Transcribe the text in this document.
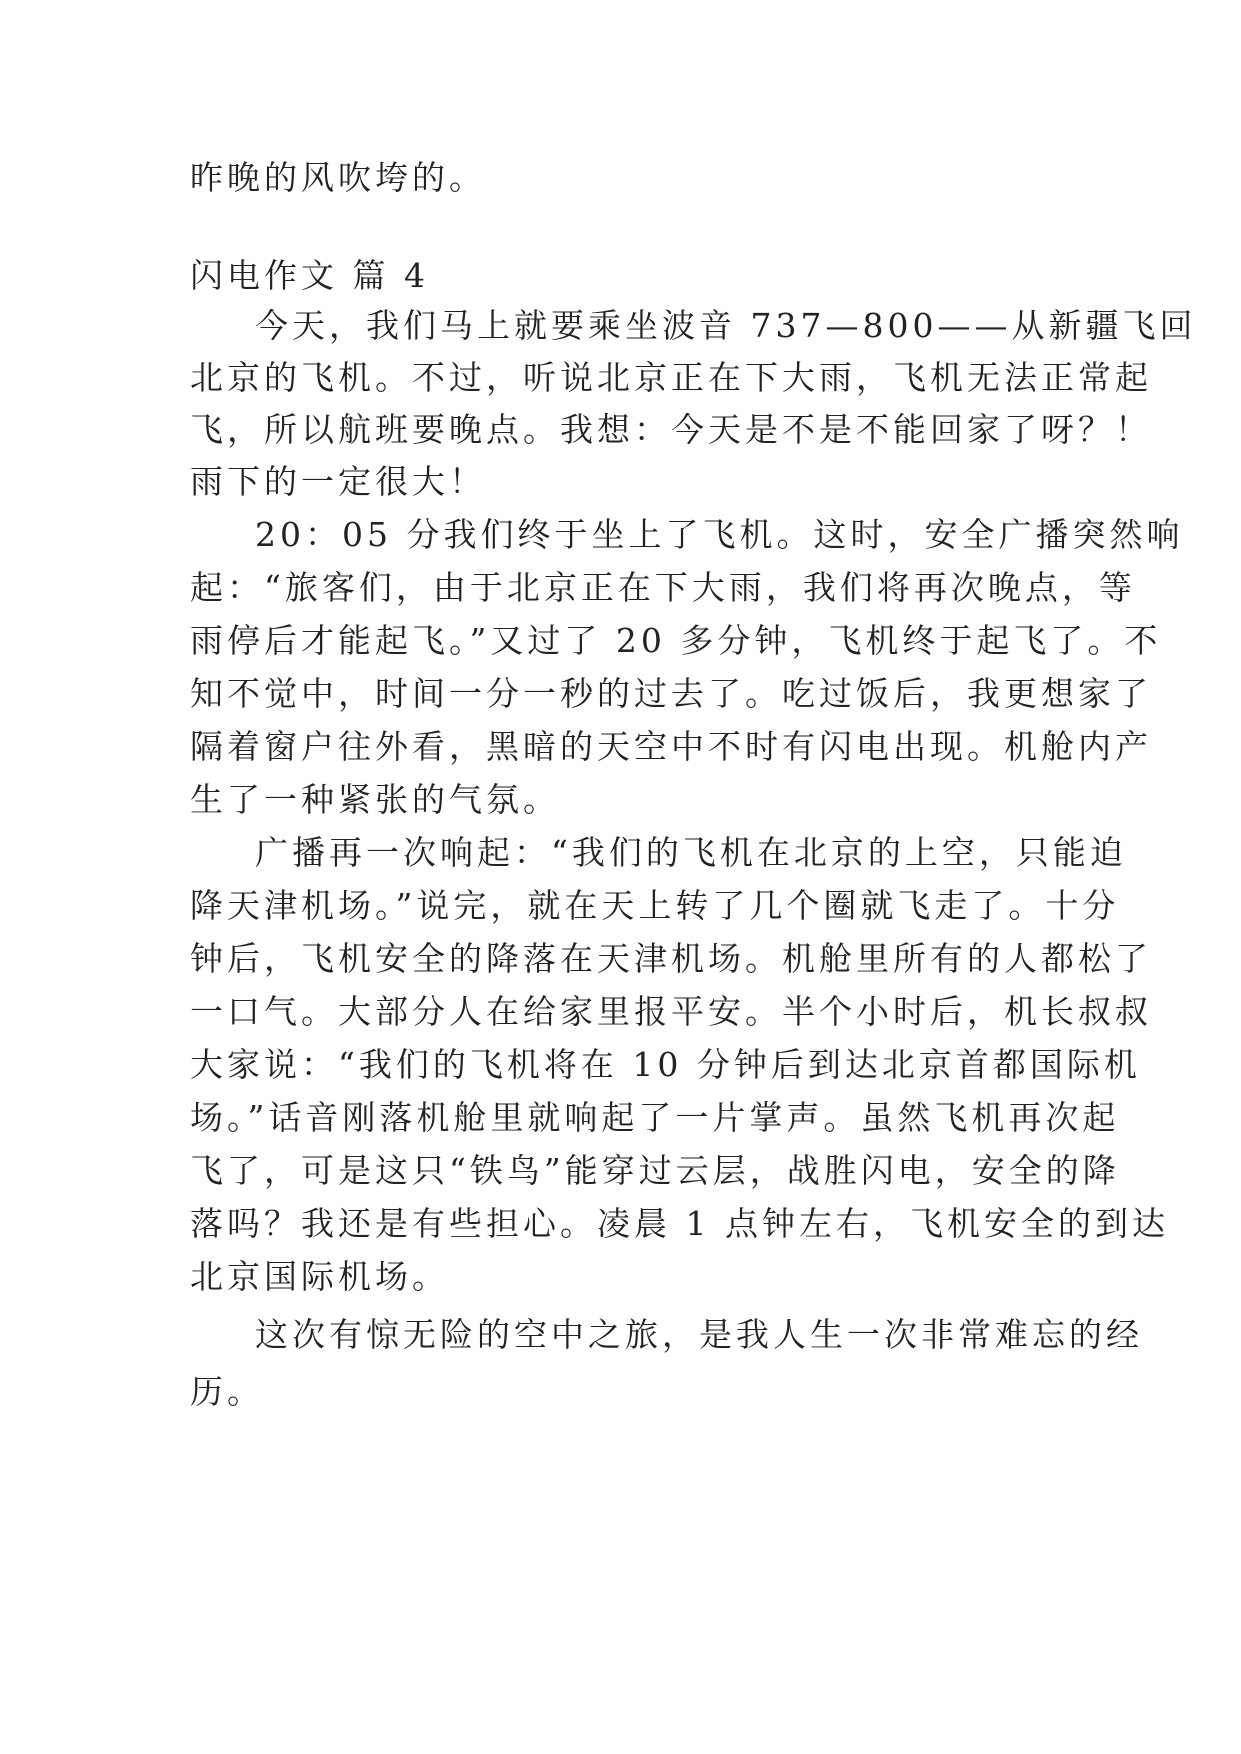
昨晚的风吹垮的。
闪电作文 篇 4
今天，我们马上就要乘坐波音 737—800——从新疆飞回
北京的飞机。不过，听说北京正在下大雨，飞机无法正常起
飞，所以航班要晚点。我想：今天是不是不能回家了呀？！
雨下的一定很大！
20：05 分我们终于坐上了飞机。这时，安全广播突然响
起：“旅客们，由于北京正在下大雨，我们将再次晚点，等
雨停后才能起飞。”又过了 20 多分钟，飞机终于起飞了。不
知不觉中，时间一分一秒的过去了。吃过饭后，我更想家了
隔着窗户往外看，黑暗的天空中不时有闪电出现。机舱内产
生了一种紧张的气氛。
广播再一次响起：“我们的飞机在北京的上空，只能迫
降天津机场。”说完，就在天上转了几个圈就飞走了。十分
钟后，飞机安全的降落在天津机场。机舱里所有的人都松了
一口气。大部分人在给家里报平安。半个小时后，机长叔叔
大家说：“我们的飞机将在 10 分钟后到达北京首都国际机
场。”话音刚落机舱里就响起了一片掌声。虽然飞机再次起
飞了，可是这只“铁鸟”能穿过云层，战胜闪电，安全的降
落吗？我还是有些担心。凌晨 1 点钟左右，飞机安全的到达
北京国际机场。
这次有惊无险的空中之旅，是我人生一次非常难忘的经
历。
